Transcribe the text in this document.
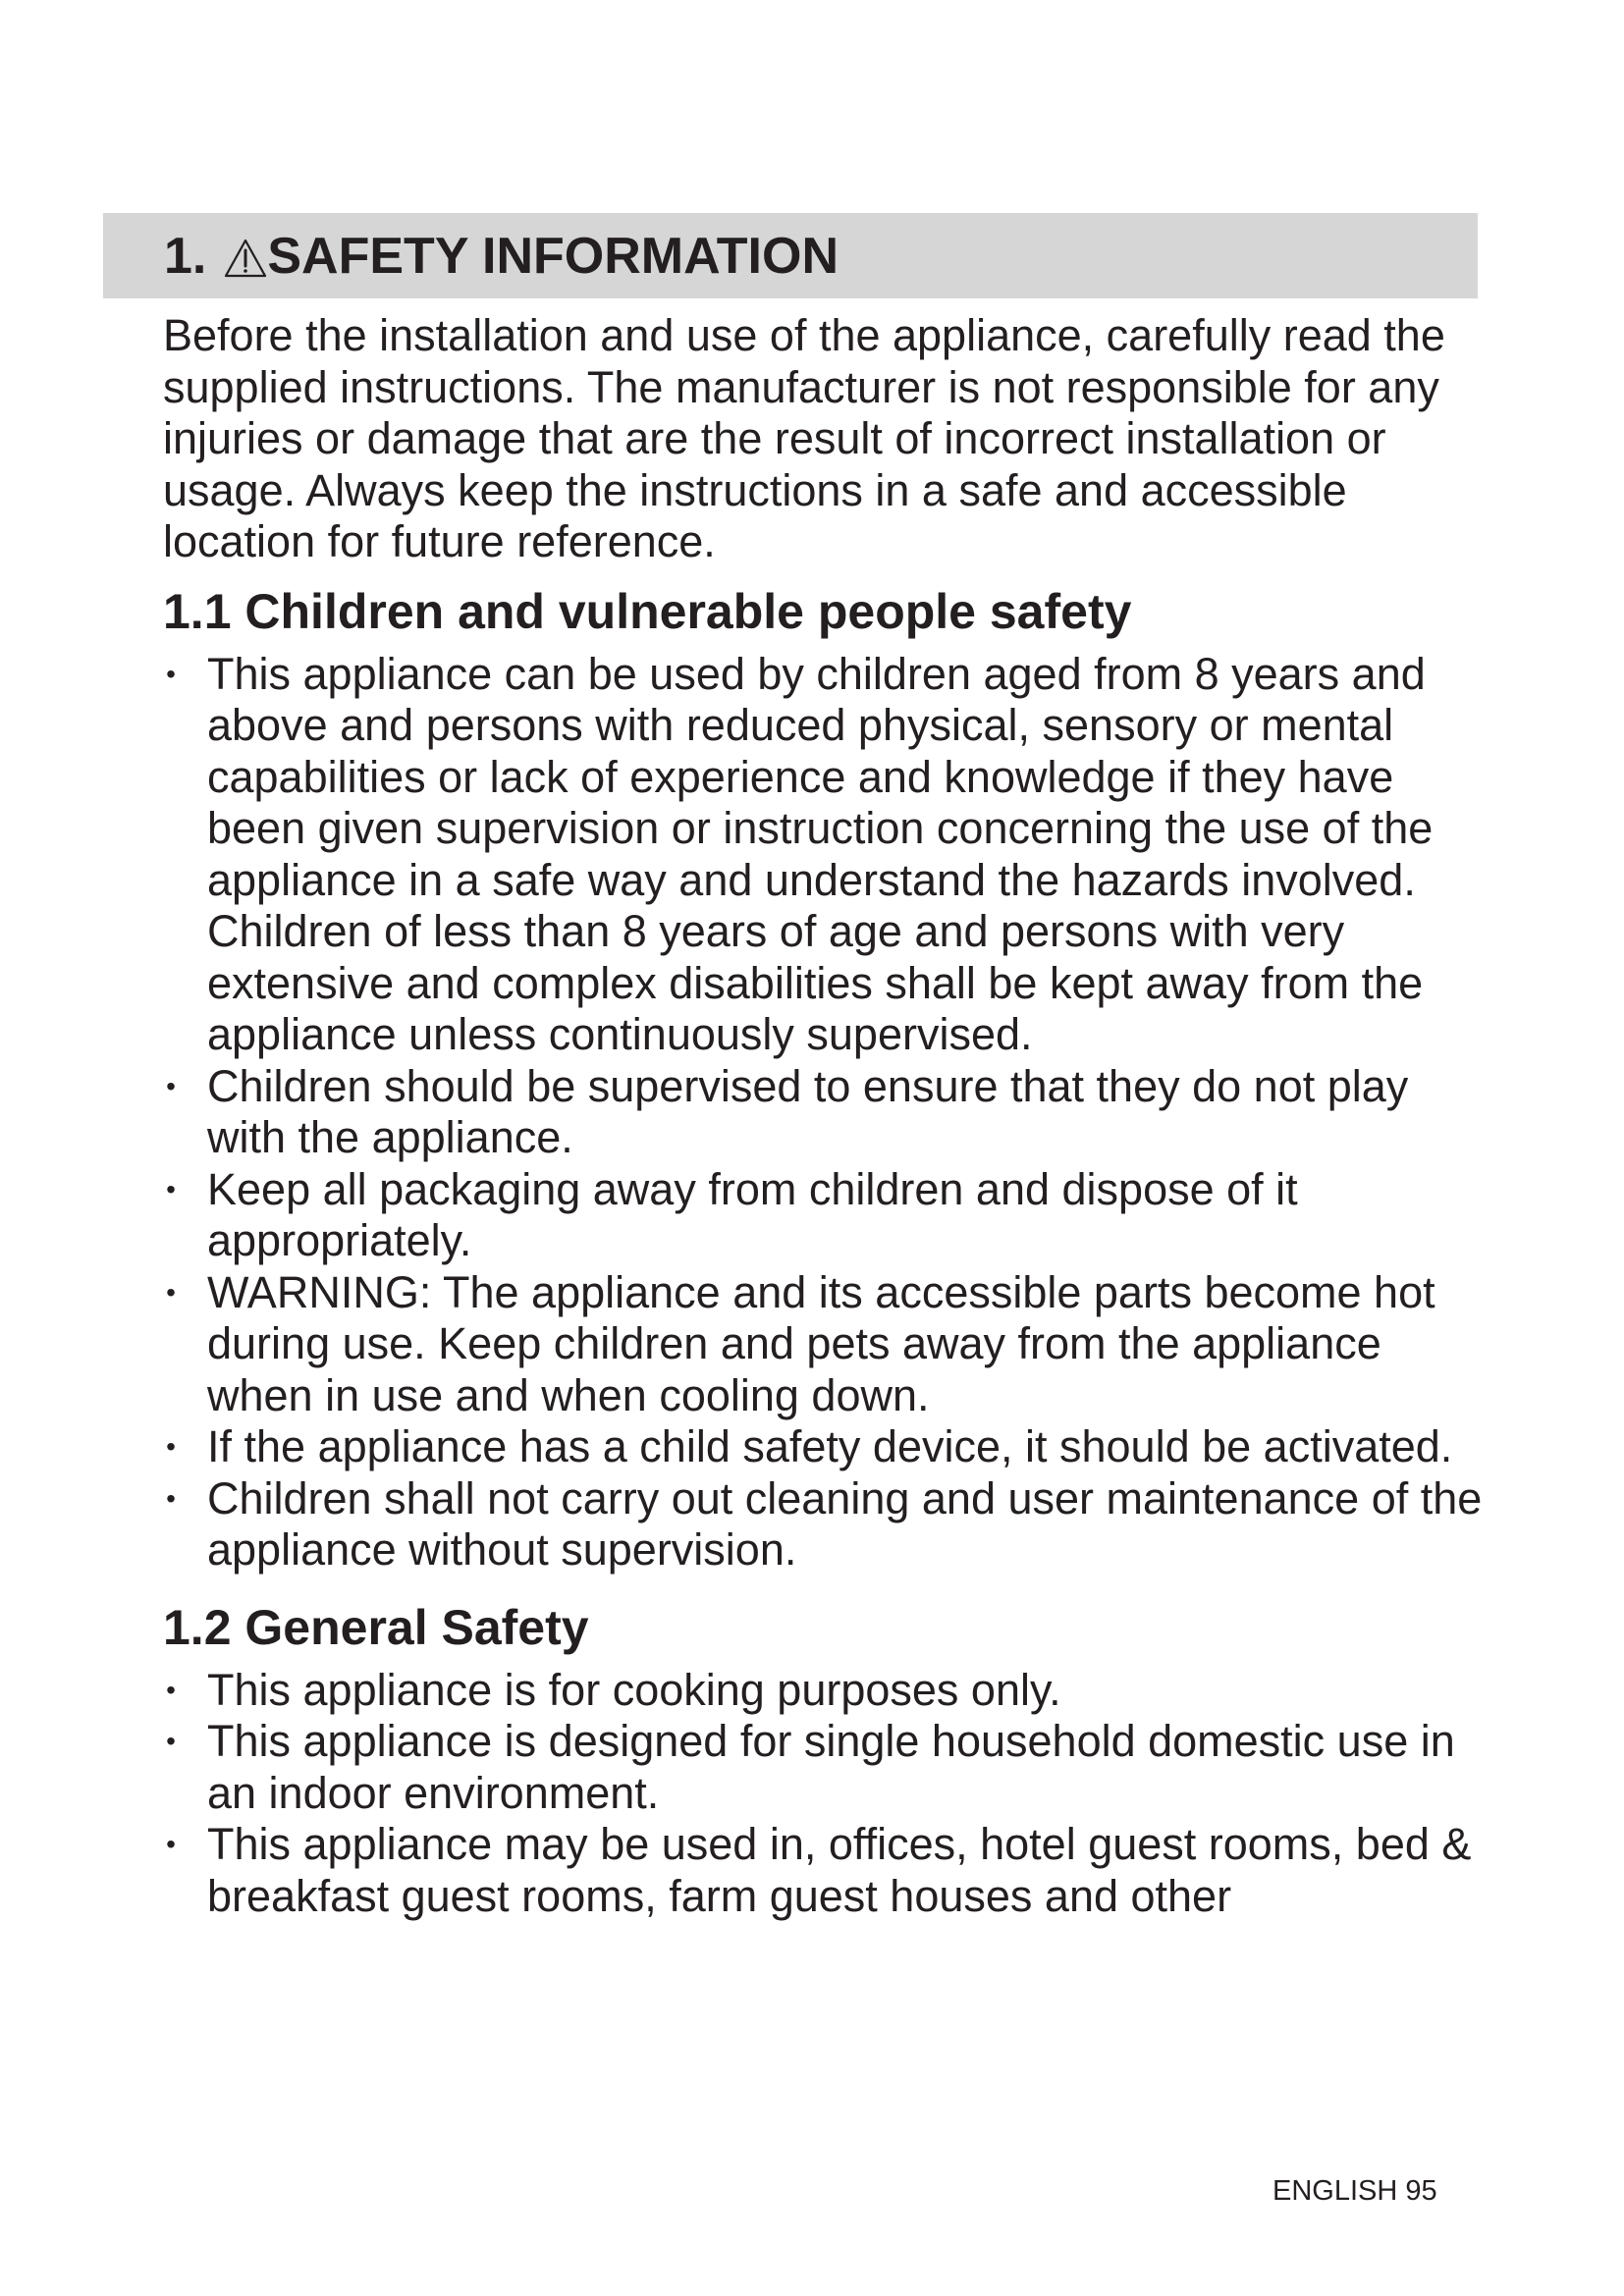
1. SAFETY INFORMATION

Before the installation and use of the appliance, carefully read the supplied instructions. The manufacturer is not responsible for any injuries or damage that are the result of incorrect installation or usage. Always keep the instructions in a safe and accessible location for future reference.

1.1 Children and vulnerable people safety
• This appliance can be used by children aged from 8 years and above and persons with reduced physical, sensory or mental capabilities or lack of experience and knowledge if they have been given supervision or instruction concerning the use of the appliance in a safe way and understand the hazards involved. Children of less than 8 years of age and persons with very extensive and complex disabilities shall be kept away from the appliance unless continuously supervised.
• Children should be supervised to ensure that they do not play with the appliance.
• Keep all packaging away from children and dispose of it appropriately.
• WARNING: The appliance and its accessible parts become hot during use. Keep children and pets away from the appliance when in use and when cooling down.
• If the appliance has a child safety device, it should be activated.
• Children shall not carry out cleaning and user maintenance of the appliance without supervision.
1.2 General Safety
• This appliance is for cooking purposes only.
• This appliance is designed for single household domestic use in an indoor environment.
• This appliance may be used in, offices, hotel guest rooms, bed & breakfast guest rooms, farm guest houses and other
ENGLISH 95
